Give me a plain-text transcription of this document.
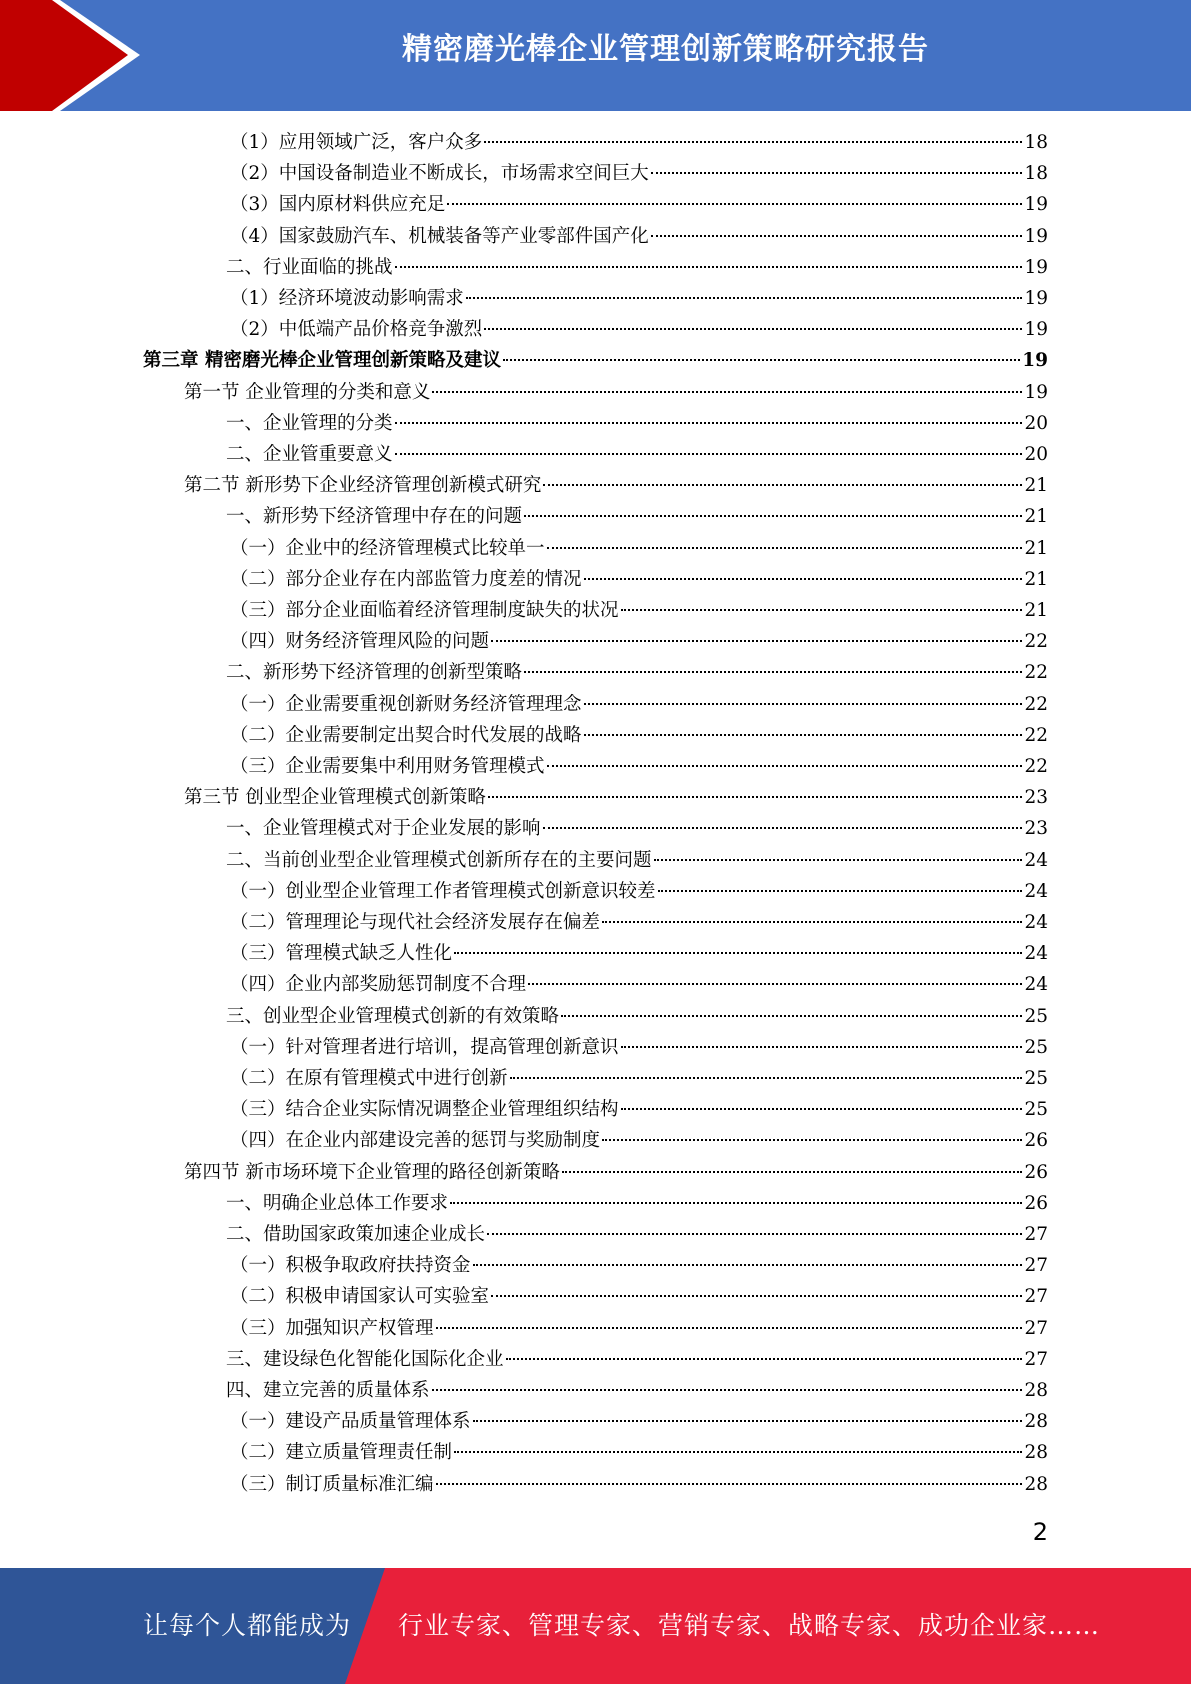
精密磨光棒企业管理创新策略研究报告
（1）应用领域广泛，客户众多	18
（2）中国设备制造业不断成长，市场需求空间巨大	18
（3）国内原材料供应充足	19
（4）国家鼓励汽车、机械装备等产业零部件国产化	19
二、行业面临的挑战	19
（1）经济环境波动影响需求	19
（2）中低端产品价格竞争激烈	19
第三章 精密磨光棒企业管理创新策略及建议	19
第一节 企业管理的分类和意义	19
一、企业管理的分类	20
二、企业管重要意义	20
第二节 新形势下企业经济管理创新模式研究	21
一、新形势下经济管理中存在的问题	21
（一）企业中的经济管理模式比较单一	21
（二）部分企业存在内部监管力度差的情况	21
（三）部分企业面临着经济管理制度缺失的状况	21
（四）财务经济管理风险的问题	22
二、新形势下经济管理的创新型策略	22
（一）企业需要重视创新财务经济管理理念	22
（二）企业需要制定出契合时代发展的战略	22
（三）企业需要集中利用财务管理模式	22
第三节 创业型企业管理模式创新策略	23
一、企业管理模式对于企业发展的影响	23
二、当前创业型企业管理模式创新所存在的主要问题	24
（一）创业型企业管理工作者管理模式创新意识较差	24
（二）管理理论与现代社会经济发展存在偏差	24
（三）管理模式缺乏人性化	24
（四）企业内部奖励惩罚制度不合理	24
三、创业型企业管理模式创新的有效策略	25
（一）针对管理者进行培训，提高管理创新意识	25
（二）在原有管理模式中进行创新	25
（三）结合企业实际情况调整企业管理组织结构	25
（四）在企业内部建设完善的惩罚与奖励制度	26
第四节 新市场环境下企业管理的路径创新策略	26
一、明确企业总体工作要求	26
二、借助国家政策加速企业成长	27
（一）积极争取政府扶持资金	27
（二）积极申请国家认可实验室	27
（三）加强知识产权管理	27
三、建设绿色化智能化国际化企业	27
四、建立完善的质量体系	28
（一）建设产品质量管理体系	28
（二）建立质量管理责任制	28
（三）制订质量标准汇编	28
2
让每个人都能成为 行业专家、管理专家、营销专家、战略专家、成功企业家……
